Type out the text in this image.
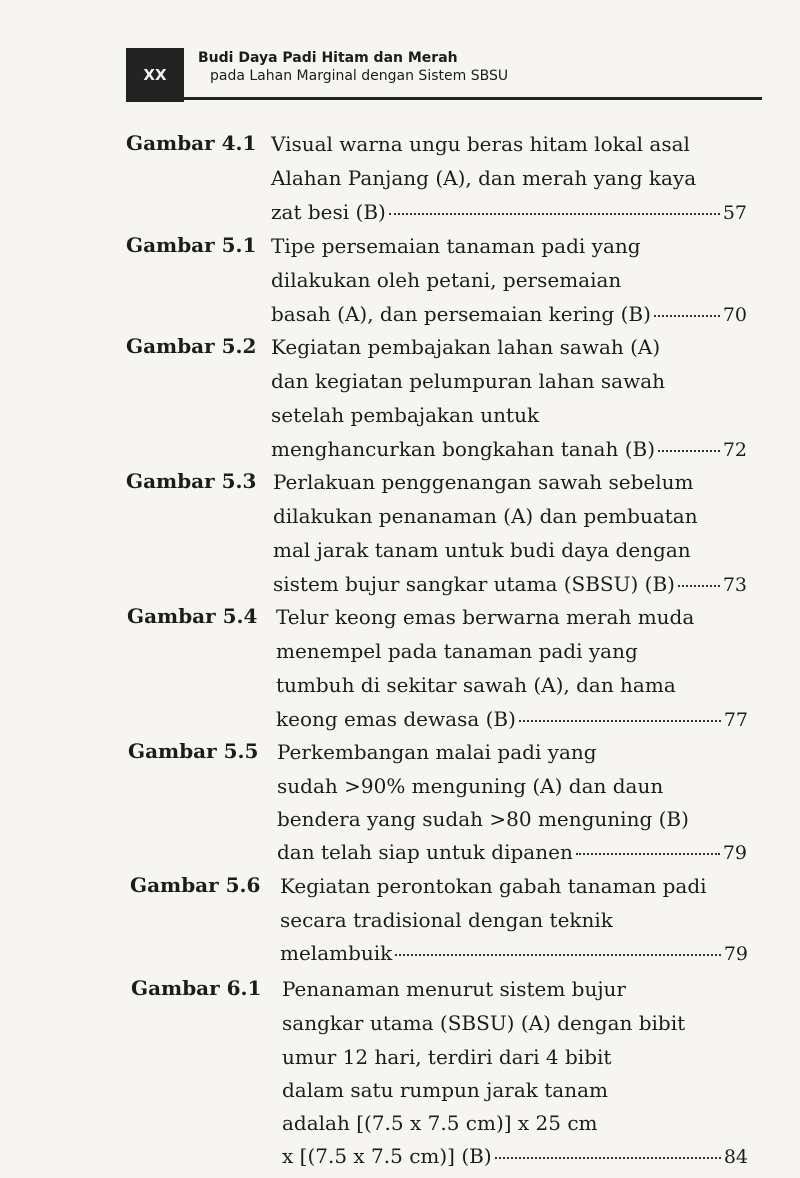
XX
Budi Daya Padi Hitam dan Merah
pada Lahan Marginal dengan Sistem SBSU
Gambar 4.1 Visual warna ungu beras hitam lokal asal
Alahan Panjang (A), dan merah yang kaya
zat besi (B)	57
Gambar 5.1 Tipe persemaian tanaman padi yang
dilakukan oleh petani, persemaian
basah (A), dan persemaian kering (B)	70
Gambar 5.2 Kegiatan pembajakan lahan sawah (A)
dan kegiatan pelumpuran lahan sawah
setelah pembajakan untuk
menghancurkan bongkahan tanah (B)	72
Gambar 5.3 Perlakuan penggenangan sawah sebelum
dilakukan penanaman (A) dan pembuatan
mal jarak tanam untuk budi daya dengan
sistem bujur sangkar utama (SBSU) (B)	73
Gambar 5.4 Telur keong emas berwarna merah muda
menempel pada tanaman padi yang
tumbuh di sekitar sawah (A), dan hama
keong emas dewasa (B)	77
Gambar 5.5 Perkembangan malai padi yang
sudah >90% menguning (A) dan daun
bendera yang sudah >80 menguning (B)
dan telah siap untuk dipanen	79
Gambar 5.6 Kegiatan perontokan gabah tanaman padi
secara tradisional dengan teknik
melambuik	79
Gambar 6.1 Penanaman menurut sistem bujur
sangkar utama (SBSU) (A) dengan bibit
umur 12 hari, terdiri dari 4 bibit
dalam satu rumpun jarak tanam
adalah [(7.5 x 7.5 cm)] x 25 cm
x [(7.5 x 7.5 cm)] (B)	84
